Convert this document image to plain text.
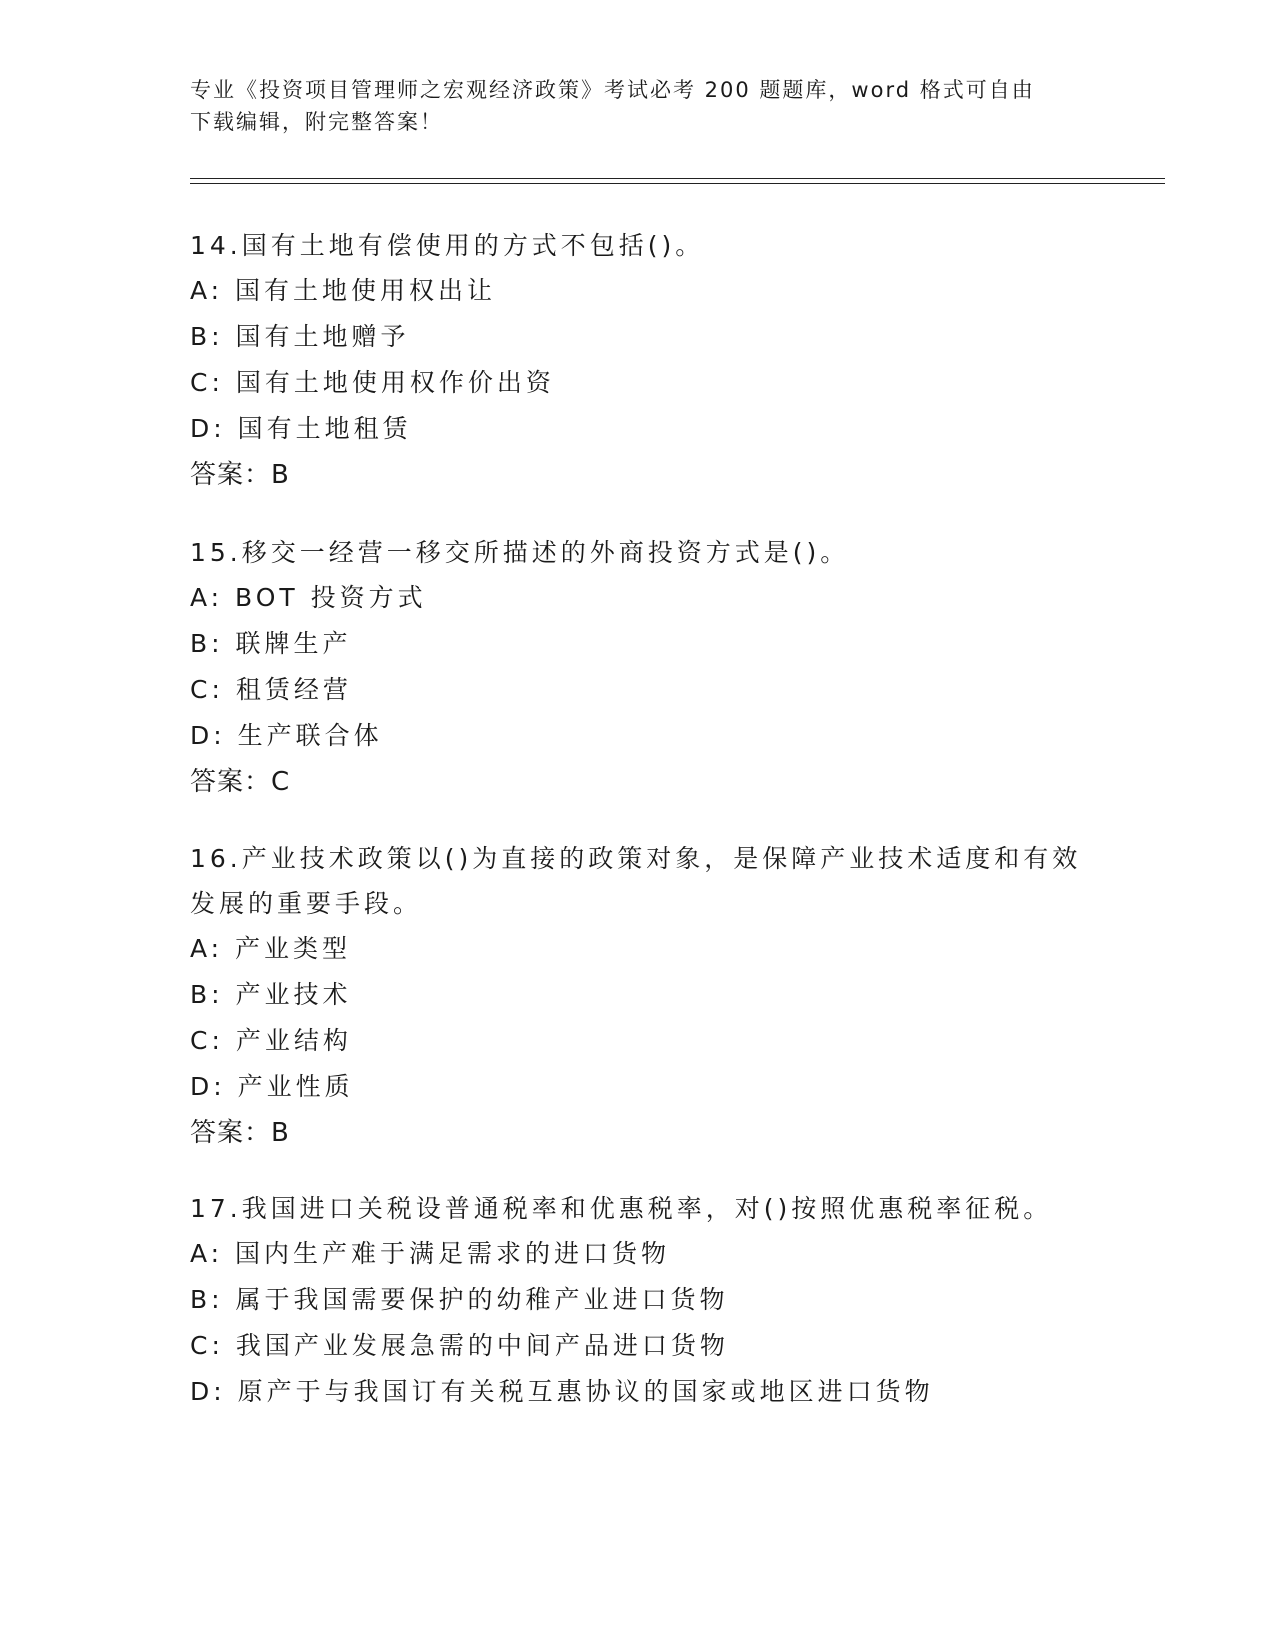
专业《投资项目管理师之宏观经济政策》考试必考 200 题题库，word 格式可自由
下载编辑，附完整答案！

14.国有土地有偿使用的方式不包括()。

A: 国有土地使用权出让

B: 国有土地赠予

C: 国有土地使用权作价出资

D: 国有土地租赁

答案：B

15.移交一经营一移交所描述的外商投资方式是()。

A: BOT 投资方式

B: 联牌生产

C: 租赁经营

D: 生产联合体

答案：C

16.产业技术政策以()为直接的政策对象，是保障产业技术适度和有效

发展的重要手段。

A: 产业类型

B: 产业技术

C: 产业结构

D: 产业性质

答案：B

17.我国进口关税设普通税率和优惠税率，对()按照优惠税率征税。

A: 国内生产难于满足需求的进口货物

B: 属于我国需要保护的幼稚产业进口货物

C: 我国产业发展急需的中间产品进口货物

D: 原产于与我国订有关税互惠协议的国家或地区进口货物
